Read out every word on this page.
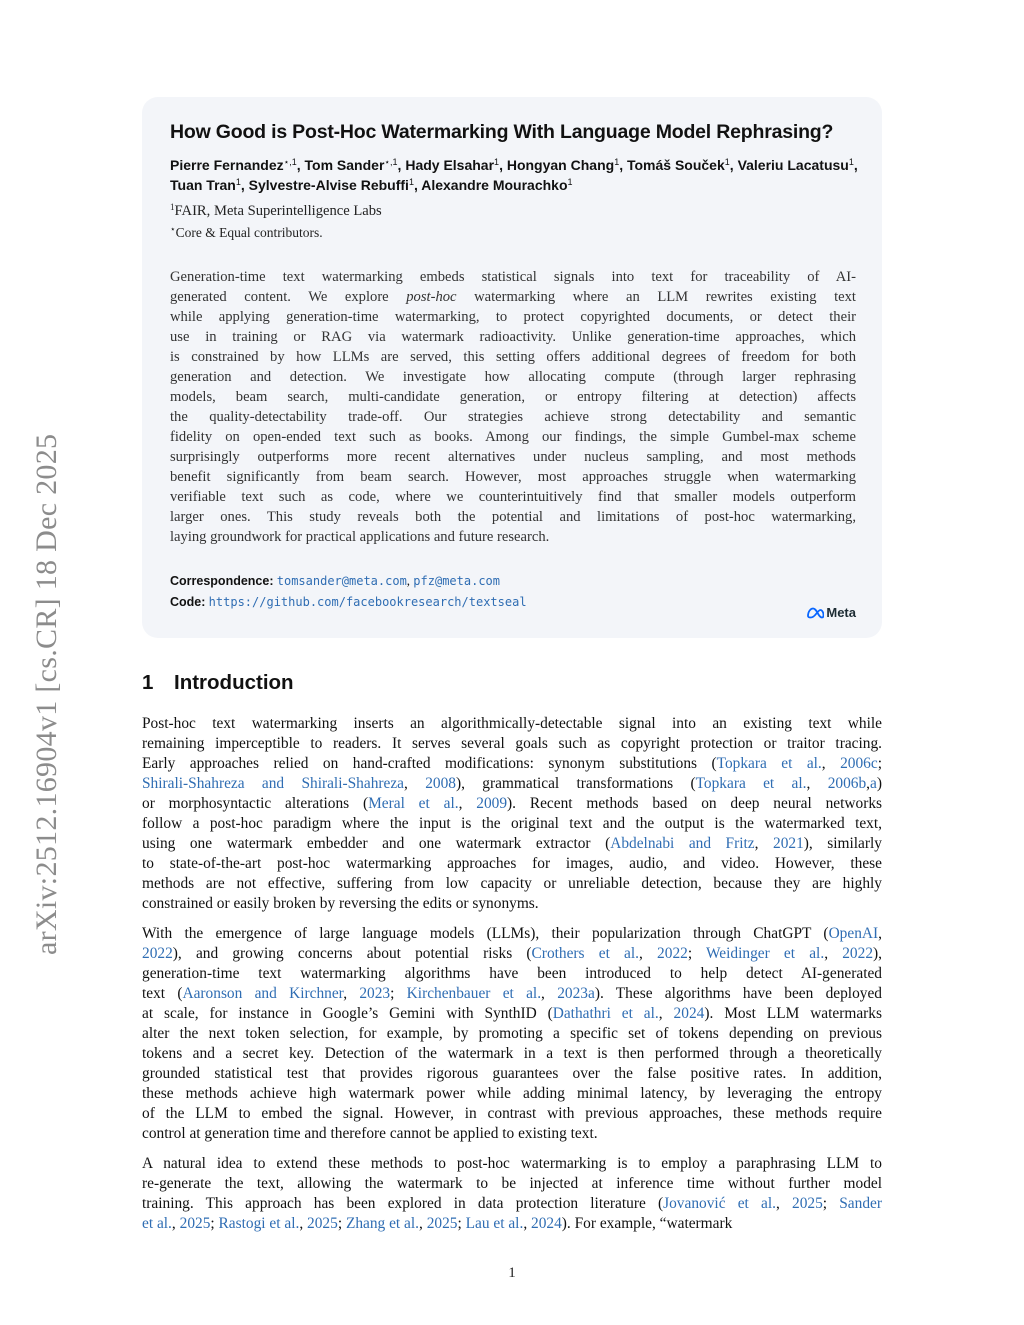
arXiv:2512.16904v1 [cs.CR] 18 Dec 2025
How Good is Post-Hoc Watermarking With Language Model Rephrasing?
Pierre Fernandez$^{⋆,1}$, Tom Sander$^{⋆,1}$, Hady Elsahar$^1$, Hongyan Chang$^1$, Tomáš Souček$^1$, Valeriu Lacatusu$^1$, Tuan Tran$^1$, Sylvestre-Alvise Rebuffi$^1$, Alexandre Mourachko$^1$
$^1$FAIR, Meta Superintelligence Labs
⋆Core & Equal contributors.
Generation-time text watermarking embeds statistical signals into text for traceability of AI-
generated content. We explore post-hoc watermarking where an LLM rewrites existing text
while applying generation-time watermarking, to protect copyrighted documents, or detect their
use in training or RAG via watermark radioactivity. Unlike generation-time approaches, which
is constrained by how LLMs are served, this setting offers additional degrees of freedom for both
generation and detection. We investigate how allocating compute (through larger rephrasing
models, beam search, multi-candidate generation, or entropy filtering at detection) affects
the quality-detectability trade-off. Our strategies achieve strong detectability and semantic
fidelity on open-ended text such as books. Among our findings, the simple Gumbel-max scheme
surprisingly outperforms more recent alternatives under nucleus sampling, and most methods
benefit significantly from beam search. However, most approaches struggle when watermarking
verifiable text such as code, where we counterintuitively find that smaller models outperform
larger ones. This study reveals both the potential and limitations of post-hoc watermarking,
laying groundwork for practical applications and future research.
Correspondence: tomsander@meta.com, pfz@meta.com
Code: https://github.com/facebookresearch/textseal
Meta
1 Introduction
Post-hoc text watermarking inserts an algorithmically-detectable signal into an existing text while
remaining imperceptible to readers. It serves several goals such as copyright protection or traitor tracing.
Early approaches relied on hand-crafted modifications: synonym substitutions (Topkara et al., 2006c;
Shirali-Shahreza and Shirali-Shahreza, 2008), grammatical transformations (Topkara et al., 2006b,a)
or morphosyntactic alterations (Meral et al., 2009). Recent methods based on deep neural networks
follow a post-hoc paradigm where the input is the original text and the output is the watermarked text,
using one watermark embedder and one watermark extractor (Abdelnabi and Fritz, 2021), similarly
to state-of-the-art post-hoc watermarking approaches for images, audio, and video. However, these
methods are not effective, suffering from low capacity or unreliable detection, because they are highly
constrained or easily broken by reversing the edits or synonyms.
With the emergence of large language models (LLMs), their popularization through ChatGPT (OpenAI,
2022), and growing concerns about potential risks (Crothers et al., 2022; Weidinger et al., 2022),
generation-time text watermarking algorithms have been introduced to help detect AI-generated
text (Aaronson and Kirchner, 2023; Kirchenbauer et al., 2023a). These algorithms have been deployed
at scale, for instance in Google’s Gemini with SynthID (Dathathri et al., 2024). Most LLM watermarks
alter the next token selection, for example, by promoting a specific set of tokens depending on previous
tokens and a secret key. Detection of the watermark in a text is then performed through a theoretically
grounded statistical test that provides rigorous guarantees over the false positive rates. In addition,
these methods achieve high watermark power while adding minimal latency, by leveraging the entropy
of the LLM to embed the signal. However, in contrast with previous approaches, these methods require
control at generation time and therefore cannot be applied to existing text.
A natural idea to extend these methods to post-hoc watermarking is to employ a paraphrasing LLM to
re-generate the text, allowing the watermark to be injected at inference time without further model
training. This approach has been explored in data protection literature (Jovanović et al., 2025; Sander
et al., 2025; Rastogi et al., 2025; Zhang et al., 2025; Lau et al., 2024). For example, “watermark
1
